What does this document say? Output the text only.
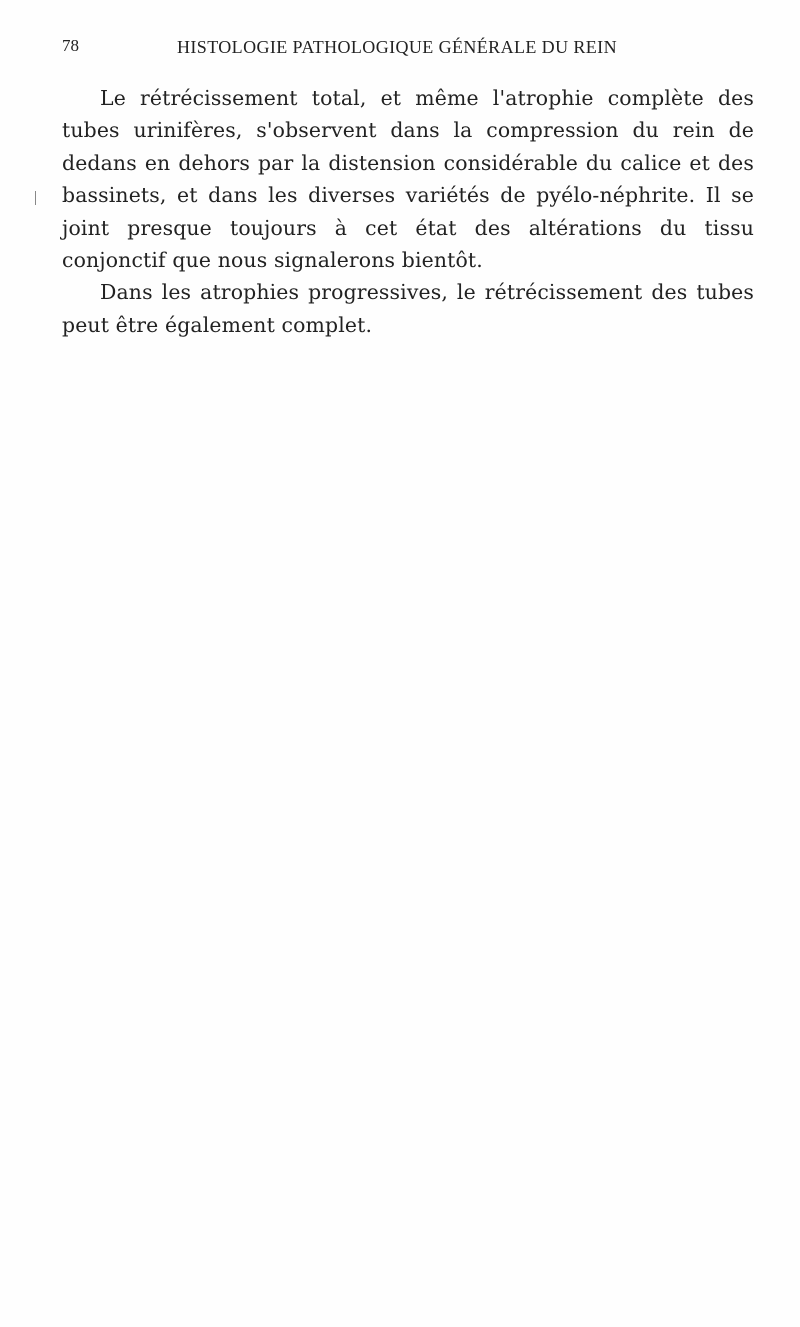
78	HISTOLOGIE PATHOLOGIQUE GÉNÉRALE DU REIN

Le rétrécissement total, et même l'atrophie complète des tubes urinifères, s'observent dans la compression du rein de dedans en dehors par la distension considérable du calice et des bassinets, et dans les diverses variétés de pyélo-néphrite. Il se joint presque toujours à cet état des altérations du tissu conjonctif que nous signalerons bientôt.

Dans les atrophies progressives, le rétrécissement des tubes peut être également complet.
